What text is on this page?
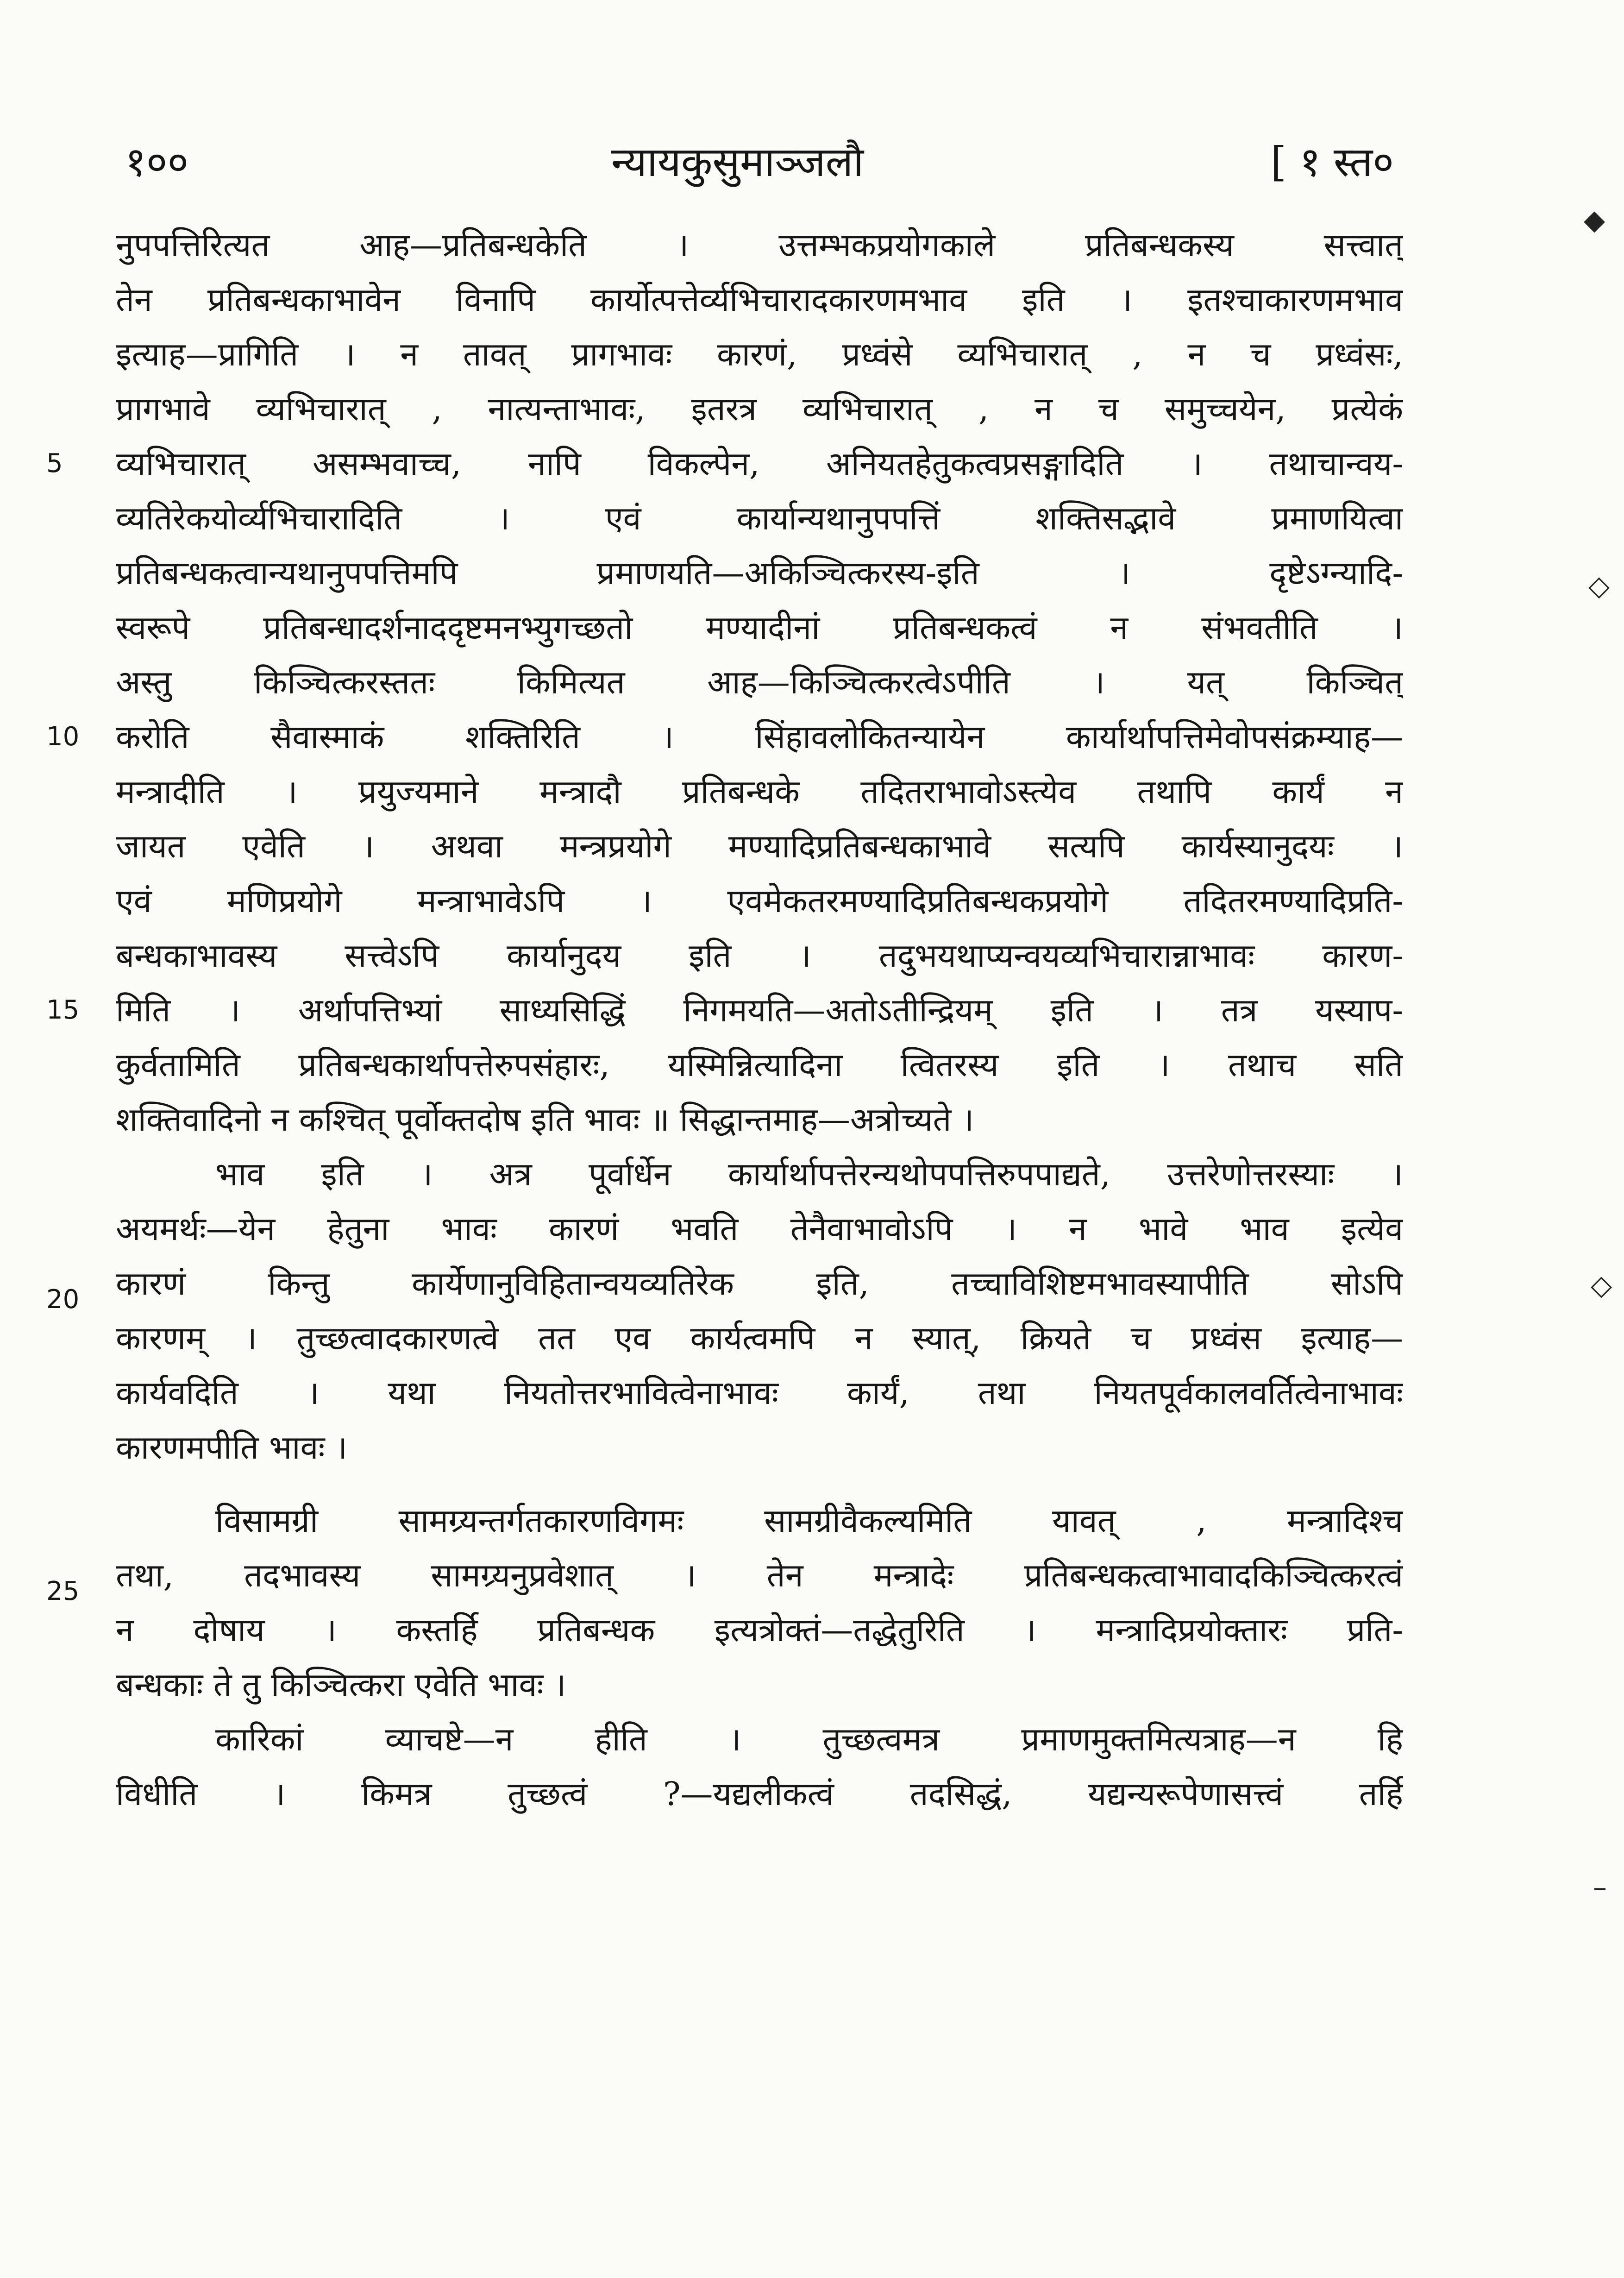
१००	न्यायकुसुमाञ्जलौ	[ १ स्त०
5
10
15
20
25
◆
◇
◇
–
नुपपत्तिरित्यत आह—प्रतिबन्धकेति । उत्तम्भकप्रयोगकाले प्रतिबन्धकस्य सत्त्वात्
तेन प्रतिबन्धकाभावेन विनापि कार्योत्पत्तेर्व्यभिचारादकारणमभाव इति । इतश्चाकारणमभाव
इत्याह—प्रागिति । न तावत् प्रागभावः कारणं, प्रध्वंसे व्यभिचारात् , न च प्रध्वंसः,
प्रागभावे व्यभिचारात् , नात्यन्ताभावः, इतरत्र व्यभिचारात् , न च समुच्चयेन, प्रत्येकं
व्यभिचारात् असम्भवाच्च, नापि विकल्पेन, अनियतहेतुकत्वप्रसङ्गादिति । तथाचान्वय-
व्यतिरेकयोर्व्यभिचारादिति । एवं कार्यान्यथानुपपत्तिं शक्तिसद्भावे प्रमाणयित्वा
प्रतिबन्धकत्वान्यथानुपपत्तिमपि प्रमाणयति—अकिञ्चित्करस्य-इति । दृष्टेऽग्न्यादि-
स्वरूपे प्रतिबन्धादर्शनाददृष्टमनभ्युगच्छतो मण्यादीनां प्रतिबन्धकत्वं न संभवतीति ।
अस्तु किञ्चित्करस्ततः किमित्यत आह—किञ्चित्करत्वेऽपीति । यत् किञ्चित्
करोति सैवास्माकं शक्तिरिति । सिंहावलोकितन्यायेन कार्यार्थापत्तिमेवोपसंक्रम्याह—
मन्त्रादीति । प्रयुज्यमाने मन्त्रादौ प्रतिबन्धके तदितराभावोऽस्त्येव तथापि कार्यं न
जायत एवेति । अथवा मन्त्रप्रयोगे मण्यादिप्रतिबन्धकाभावे सत्यपि कार्यस्यानुदयः ।
एवं मणिप्रयोगे मन्त्राभावेऽपि । एवमेकतरमण्यादिप्रतिबन्धकप्रयोगे तदितरमण्यादिप्रति-
बन्धकाभावस्य सत्त्वेऽपि कार्यानुदय इति । तदुभयथाप्यन्वयव्यभिचारान्नाभावः कारण-
मिति । अर्थापत्तिभ्यां साध्यसिद्धिं निगमयति—अतोऽतीन्द्रियम् इति । तत्र यस्याप-
कुर्वतामिति प्रतिबन्धकार्थापत्तेरुपसंहारः, यस्मिन्नित्यादिना त्वितरस्य इति । तथाच सति
शक्तिवादिनो न कश्चित् पूर्वोक्तदोष इति भावः ॥ सिद्धान्तमाह—अत्रोच्यते ।
भाव इति । अत्र पूर्वार्धेन कार्यार्थापत्तेरन्यथोपपत्तिरुपपाद्यते, उत्तरेणोत्तरस्याः ।
अयमर्थः—येन हेतुना भावः कारणं भवति तेनैवाभावोऽपि । न भावे भाव इत्येव
कारणं किन्तु कार्येणानुविहितान्वयव्यतिरेक इति, तच्चाविशिष्टमभावस्यापीति सोऽपि
कारणम् । तुच्छत्वादकारणत्वे तत एव कार्यत्वमपि न स्यात्, क्रियते च प्रध्वंस इत्याह—
कार्यवदिति । यथा नियतोत्तरभावित्वेनाभावः कार्यं, तथा नियतपूर्वकालवर्तित्वेनाभावः
कारणमपीति भावः ।
विसामग्री सामग्र्यन्तर्गतकारणविगमः सामग्रीवैकल्यमिति यावत् , मन्त्रादिश्च
तथा, तदभावस्य सामग्र्यनुप्रवेशात् । तेन मन्त्रादेः प्रतिबन्धकत्वाभावादकिञ्चित्करत्वं
न दोषाय । कस्तर्हि प्रतिबन्धक इत्यत्रोक्तं—तद्धेतुरिति । मन्त्रादिप्रयोक्तारः प्रति-
बन्धकाः ते तु किञ्चित्करा एवेति भावः ।
कारिकां व्याचष्टे—न हीति । तुच्छत्वमत्र प्रमाणमुक्तमित्यत्राह—न हि
विधीति । किमत्र तुच्छत्वं ?—यद्यलीकत्वं तदसिद्धं, यद्यन्यरूपेणासत्त्वं तर्हि
